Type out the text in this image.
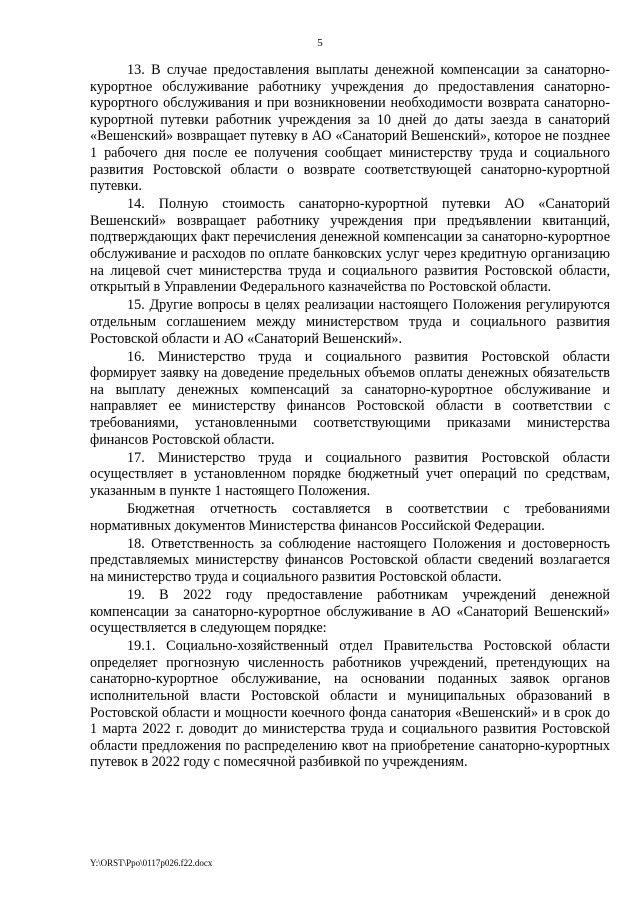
5

13. В случае предоставления выплаты денежной компенсации за санаторно-курортное обслуживание работнику учреждения до предоставления санаторно-курортного обслуживания и при возникновении необходимости возврата санаторно-курортной путевки работник учреждения за 10 дней до даты заезда в санаторий «Вешенский» возвращает путевку в АО «Санаторий Вешенский», которое не позднее 1 рабочего дня после ее получения сообщает министерству труда и социального развития Ростовской области о возврате соответствующей санаторно-курортной путевки.

14. Полную стоимость санаторно-курортной путевки АО «Санаторий Вешенский» возвращает работнику учреждения при предъявлении квитанций, подтверждающих факт перечисления денежной компенсации за санаторно-курортное обслуживание и расходов по оплате банковских услуг через кредитную организацию на лицевой счет министерства труда и социального развития Ростовской области, открытый в Управлении Федерального казначейства по Ростовской области.

15. Другие вопросы в целях реализации настоящего Положения регулируются отдельным соглашением между министерством труда и социального развития Ростовской области и АО «Санаторий Вешенский».

16. Министерство труда и социального развития Ростовской области формирует заявку на доведение предельных объемов оплаты денежных обязательств на выплату денежных компенсаций за санаторно-курортное обслуживание и направляет ее министерству финансов Ростовской области в соответствии с требованиями, установленными соответствующими приказами министерства финансов Ростовской области.

17. Министерство труда и социального развития Ростовской области осуществляет в установленном порядке бюджетный учет операций по средствам, указанным в пункте 1 настоящего Положения.

Бюджетная отчетность составляется в соответствии с требованиями нормативных документов Министерства финансов Российской Федерации.

18. Ответственность за соблюдение настоящего Положения и достоверность представляемых министерству финансов Ростовской области сведений возлагается на министерство труда и социального развития Ростовской области.

19. В 2022 году предоставление работникам учреждений денежной компенсации за санаторно-курортное обслуживание в АО «Санаторий Вешенский» осуществляется в следующем порядке:

19.1. Социально-хозяйственный отдел Правительства Ростовской области определяет прогнозную численность работников учреждений, претендующих на санаторно-курортное обслуживание, на основании поданных заявок органов исполнительной власти Ростовской области и муниципальных образований в Ростовской области и мощности коечного фонда санатория «Вешенский» и в срок до 1 марта 2022 г. доводит до министерства труда и социального развития Ростовской области предложения по распределению квот на приобретение санаторно-курортных путевок в 2022 году с помесячной разбивкой по учреждениям.

Y:\ORST\Ppo\0117p026.f22.docx
